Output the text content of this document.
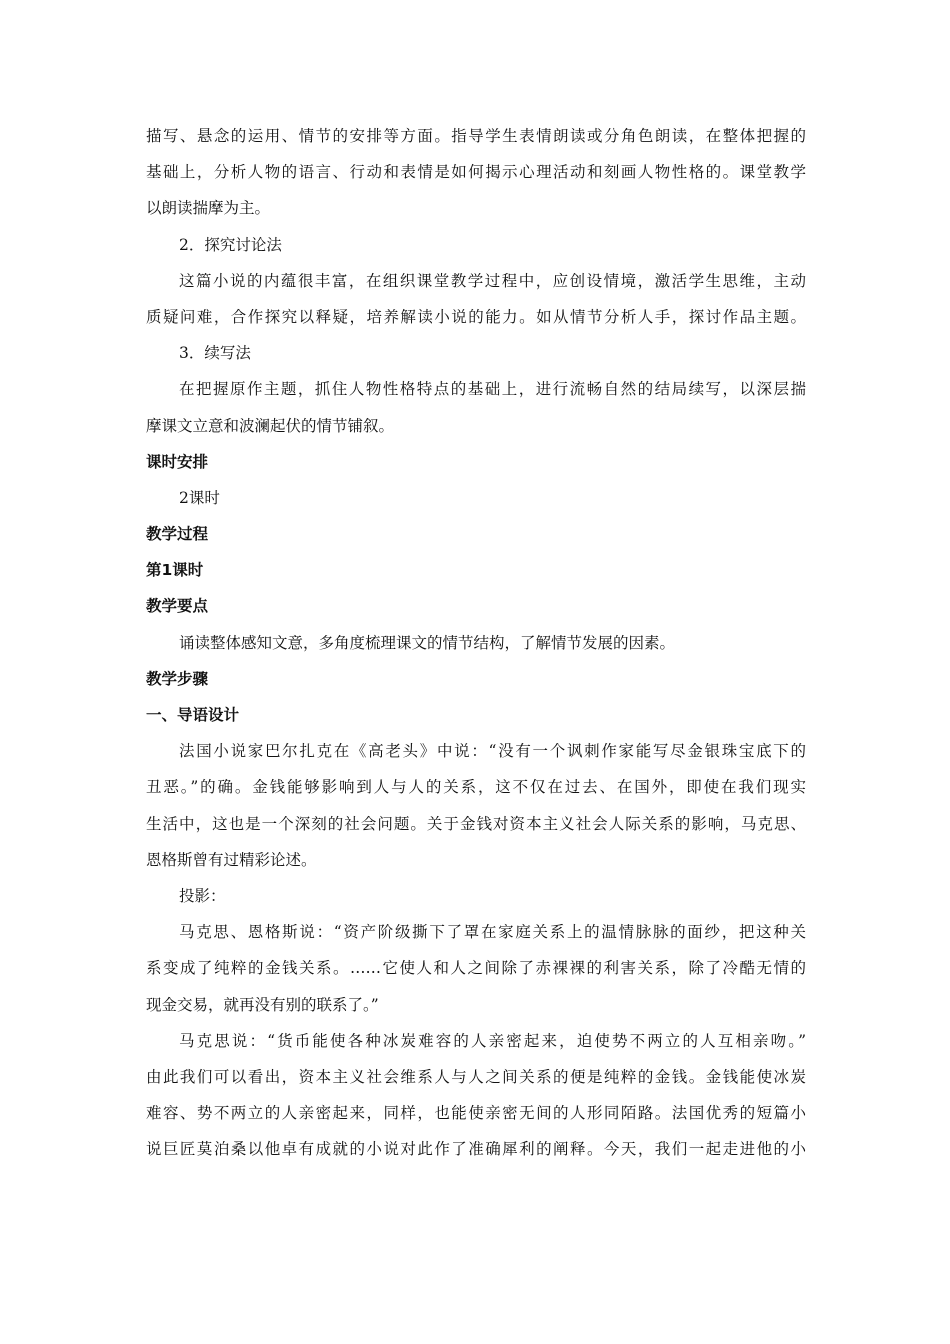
描写、悬念的运用、情节的安排等方面。指导学生表情朗读或分角色朗读，在整体把握的
基础上，分析人物的语言、行动和表情是如何揭示心理活动和刻画人物性格的。课堂教学
以朗读揣摩为主。
2．探究讨论法
这篇小说的内蕴很丰富，在组织课堂教学过程中，应创设情境，激活学生思维，主动
质疑问难，合作探究以释疑，培养解读小说的能力。如从情节分析人手，探讨作品主题。
3．续写法
在把握原作主题，抓住人物性格特点的基础上，进行流畅自然的结局续写，以深层揣
摩课文立意和波澜起伏的情节铺叙。
课时安排
2课时
教学过程
第1课时
教学要点
诵读整体感知文意，多角度梳理课文的情节结构，了解情节发展的因素。
教学步骤
一、导语设计
法国小说家巴尔扎克在《高老头》中说：“没有一个讽刺作家能写尽金银珠宝底下的
丑恶。”的确。金钱能够影响到人与人的关系，这不仅在过去、在国外，即使在我们现实
生活中，这也是一个深刻的社会问题。关于金钱对资本主义社会人际关系的影响，马克思、
恩格斯曾有过精彩论述。
投影：
马克思、恩格斯说：“资产阶级撕下了罩在家庭关系上的温情脉脉的面纱，把这种关
系变成了纯粹的金钱关系。……它使人和人之间除了赤裸裸的利害关系，除了冷酷无情的
现金交易，就再没有别的联系了。”
马克思说：“货币能使各种冰炭难容的人亲密起来，迫使势不两立的人互相亲吻。”
由此我们可以看出，资本主义社会维系人与人之间关系的便是纯粹的金钱。金钱能使冰炭
难容、势不两立的人亲密起来，同样，也能使亲密无间的人形同陌路。法国优秀的短篇小
说巨匠莫泊桑以他卓有成就的小说对此作了准确犀利的阐释。今天，我们一起走进他的小
